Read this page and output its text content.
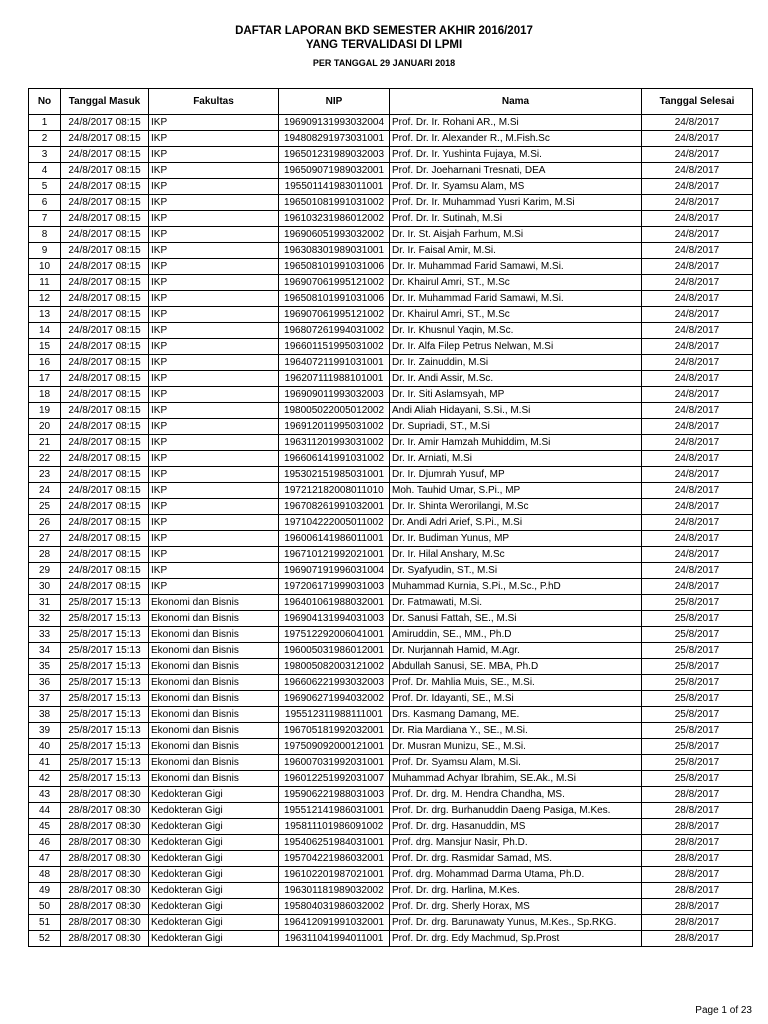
DAFTAR LAPORAN BKD SEMESTER AKHIR 2016/2017
YANG TERVALIDASI DI LPMI
PER TANGGAL 29 JANUARI 2018
No	Tanggal Masuk	Fakultas	NIP	Nama	Tanggal Selesai
1	24/8/2017 08:15	IKP	196909131993032004	Prof. Dr. Ir. Rohani AR., M.Si	24/8/2017
2	24/8/2017 08:15	IKP	194808291973031001	Prof. Dr. Ir. Alexander R., M.Fish.Sc	24/8/2017
3	24/8/2017 08:15	IKP	196501231989032003	Prof. Dr. Ir. Yushinta Fujaya, M.Si.	24/8/2017
4	24/8/2017 08:15	IKP	196509071989032001	Prof. Dr. Joeharnani Tresnati, DEA	24/8/2017
5	24/8/2017 08:15	IKP	195501141983011001	Prof. Dr. Ir. Syamsu Alam, MS	24/8/2017
6	24/8/2017 08:15	IKP	196501081991031002	Prof. Dr. Ir. Muhammad Yusri Karim, M.Si	24/8/2017
7	24/8/2017 08:15	IKP	196103231986012002	Prof. Dr. Ir. Sutinah, M.Si	24/8/2017
8	24/8/2017 08:15	IKP	196906051993032002	Dr. Ir. St. Aisjah Farhum, M.Si	24/8/2017
9	24/8/2017 08:15	IKP	196308301989031001	Dr. Ir. Faisal Amir, M.Si.	24/8/2017
10	24/8/2017 08:15	IKP	196508101991031006	Dr. Ir. Muhammad Farid Samawi, M.Si.	24/8/2017
11	24/8/2017 08:15	IKP	196907061995121002	Dr. Khairul Amri, ST., M.Sc	24/8/2017
12	24/8/2017 08:15	IKP	196508101991031006	Dr. Ir. Muhammad Farid Samawi, M.Si.	24/8/2017
13	24/8/2017 08:15	IKP	196907061995121002	Dr. Khairul Amri, ST., M.Sc	24/8/2017
14	24/8/2017 08:15	IKP	196807261994031002	Dr. Ir. Khusnul Yaqin, M.Sc.	24/8/2017
15	24/8/2017 08:15	IKP	196601151995031002	Dr. Ir. Alfa Filep Petrus Nelwan, M.Si	24/8/2017
16	24/8/2017 08:15	IKP	196407211991031001	Dr. Ir. Zainuddin, M.Si	24/8/2017
17	24/8/2017 08:15	IKP	196207111988101001	Dr. Ir. Andi Assir, M.Sc.	24/8/2017
18	24/8/2017 08:15	IKP	196909011993032003	Dr. Ir. Siti Aslamsyah, MP	24/8/2017
19	24/8/2017 08:15	IKP	198005022005012002	Andi Aliah Hidayani, S.Si., M.Si	24/8/2017
20	24/8/2017 08:15	IKP	196912011995031002	Dr. Supriadi, ST., M.Si	24/8/2017
21	24/8/2017 08:15	IKP	196311201993031002	Dr. Ir. Amir Hamzah Muhiddim, M.Si	24/8/2017
22	24/8/2017 08:15	IKP	196606141991031002	Dr. Ir. Arniati, M.Si	24/8/2017
23	24/8/2017 08:15	IKP	195302151985031001	Dr. Ir. Djumrah Yusuf, MP	24/8/2017
24	24/8/2017 08:15	IKP	197212182008011010	Moh. Tauhid Umar, S.Pi., MP	24/8/2017
25	24/8/2017 08:15	IKP	196708261991032001	Dr. Ir. Shinta Werorilangi, M.Sc	24/8/2017
26	24/8/2017 08:15	IKP	197104222005011002	Dr. Andi Adri Arief, S.Pi., M.Si	24/8/2017
27	24/8/2017 08:15	IKP	196006141986011001	Dr. Ir. Budiman Yunus, MP	24/8/2017
28	24/8/2017 08:15	IKP	196710121992021001	Dr. Ir. Hilal Anshary, M.Sc	24/8/2017
29	24/8/2017 08:15	IKP	196907191996031004	Dr. Syafyudin, ST., M.Si	24/8/2017
30	24/8/2017 08:15	IKP	197206171999031003	Muhammad Kurnia, S.Pi., M.Sc., P.hD	24/8/2017
31	25/8/2017 15:13	Ekonomi dan Bisnis	196401061988032001	Dr. Fatmawati, M.Si.	25/8/2017
32	25/8/2017 15:13	Ekonomi dan Bisnis	196904131994031003	Dr. Sanusi Fattah, SE., M.Si	25/8/2017
33	25/8/2017 15:13	Ekonomi dan Bisnis	197512292006041001	Amiruddin, SE., MM., Ph.D	25/8/2017
34	25/8/2017 15:13	Ekonomi dan Bisnis	196005031986012001	Dr. Nurjannah Hamid, M.Agr.	25/8/2017
35	25/8/2017 15:13	Ekonomi dan Bisnis	198005082003121002	Abdullah Sanusi, SE. MBA, Ph.D	25/8/2017
36	25/8/2017 15:13	Ekonomi dan Bisnis	196606221993032003	Prof. Dr. Mahlia Muis, SE., M.Si.	25/8/2017
37	25/8/2017 15:13	Ekonomi dan Bisnis	196906271994032002	Prof. Dr. Idayanti, SE., M.Si	25/8/2017
38	25/8/2017 15:13	Ekonomi dan Bisnis	195512311988111001	Drs. Kasmang Damang, ME.	25/8/2017
39	25/8/2017 15:13	Ekonomi dan Bisnis	196705181992032001	Dr. Ria Mardiana Y., SE., M.Si.	25/8/2017
40	25/8/2017 15:13	Ekonomi dan Bisnis	197509092000121001	Dr. Musran Munizu, SE., M.Si.	25/8/2017
41	25/8/2017 15:13	Ekonomi dan Bisnis	196007031992031001	Prof. Dr. Syamsu Alam, M.Si.	25/8/2017
42	25/8/2017 15:13	Ekonomi dan Bisnis	196012251992031007	Muhammad Achyar Ibrahim, SE.Ak., M.Si	25/8/2017
43	28/8/2017 08:30	Kedokteran Gigi	195906221988031003	Prof. Dr. drg. M. Hendra Chandha, MS.	28/8/2017
44	28/8/2017 08:30	Kedokteran Gigi	195512141986031001	Prof. Dr. drg. Burhanuddin Daeng Pasiga, M.Kes.	28/8/2017
45	28/8/2017 08:30	Kedokteran Gigi	195811101986091002	Prof. Dr. drg. Hasanuddin, MS	28/8/2017
46	28/8/2017 08:30	Kedokteran Gigi	195406251984031001	Prof. drg. Mansjur Nasir, Ph.D.	28/8/2017
47	28/8/2017 08:30	Kedokteran Gigi	195704221986032001	Prof. Dr. drg. Rasmidar Samad, MS.	28/8/2017
48	28/8/2017 08:30	Kedokteran Gigi	196102201987021001	Prof. drg. Mohammad Darma Utama, Ph.D.	28/8/2017
49	28/8/2017 08:30	Kedokteran Gigi	196301181989032002	Prof. Dr. drg. Harlina, M.Kes.	28/8/2017
50	28/8/2017 08:30	Kedokteran Gigi	195804031986032002	Prof. Dr. drg. Sherly Horax, MS	28/8/2017
51	28/8/2017 08:30	Kedokteran Gigi	196412091991032001	Prof. Dr. drg. Barunawaty Yunus, M.Kes., Sp.RKG.	28/8/2017
52	28/8/2017 08:30	Kedokteran Gigi	196311041994011001	Prof. Dr. drg. Edy Machmud, Sp.Prost	28/8/2017
Page 1 of 23
